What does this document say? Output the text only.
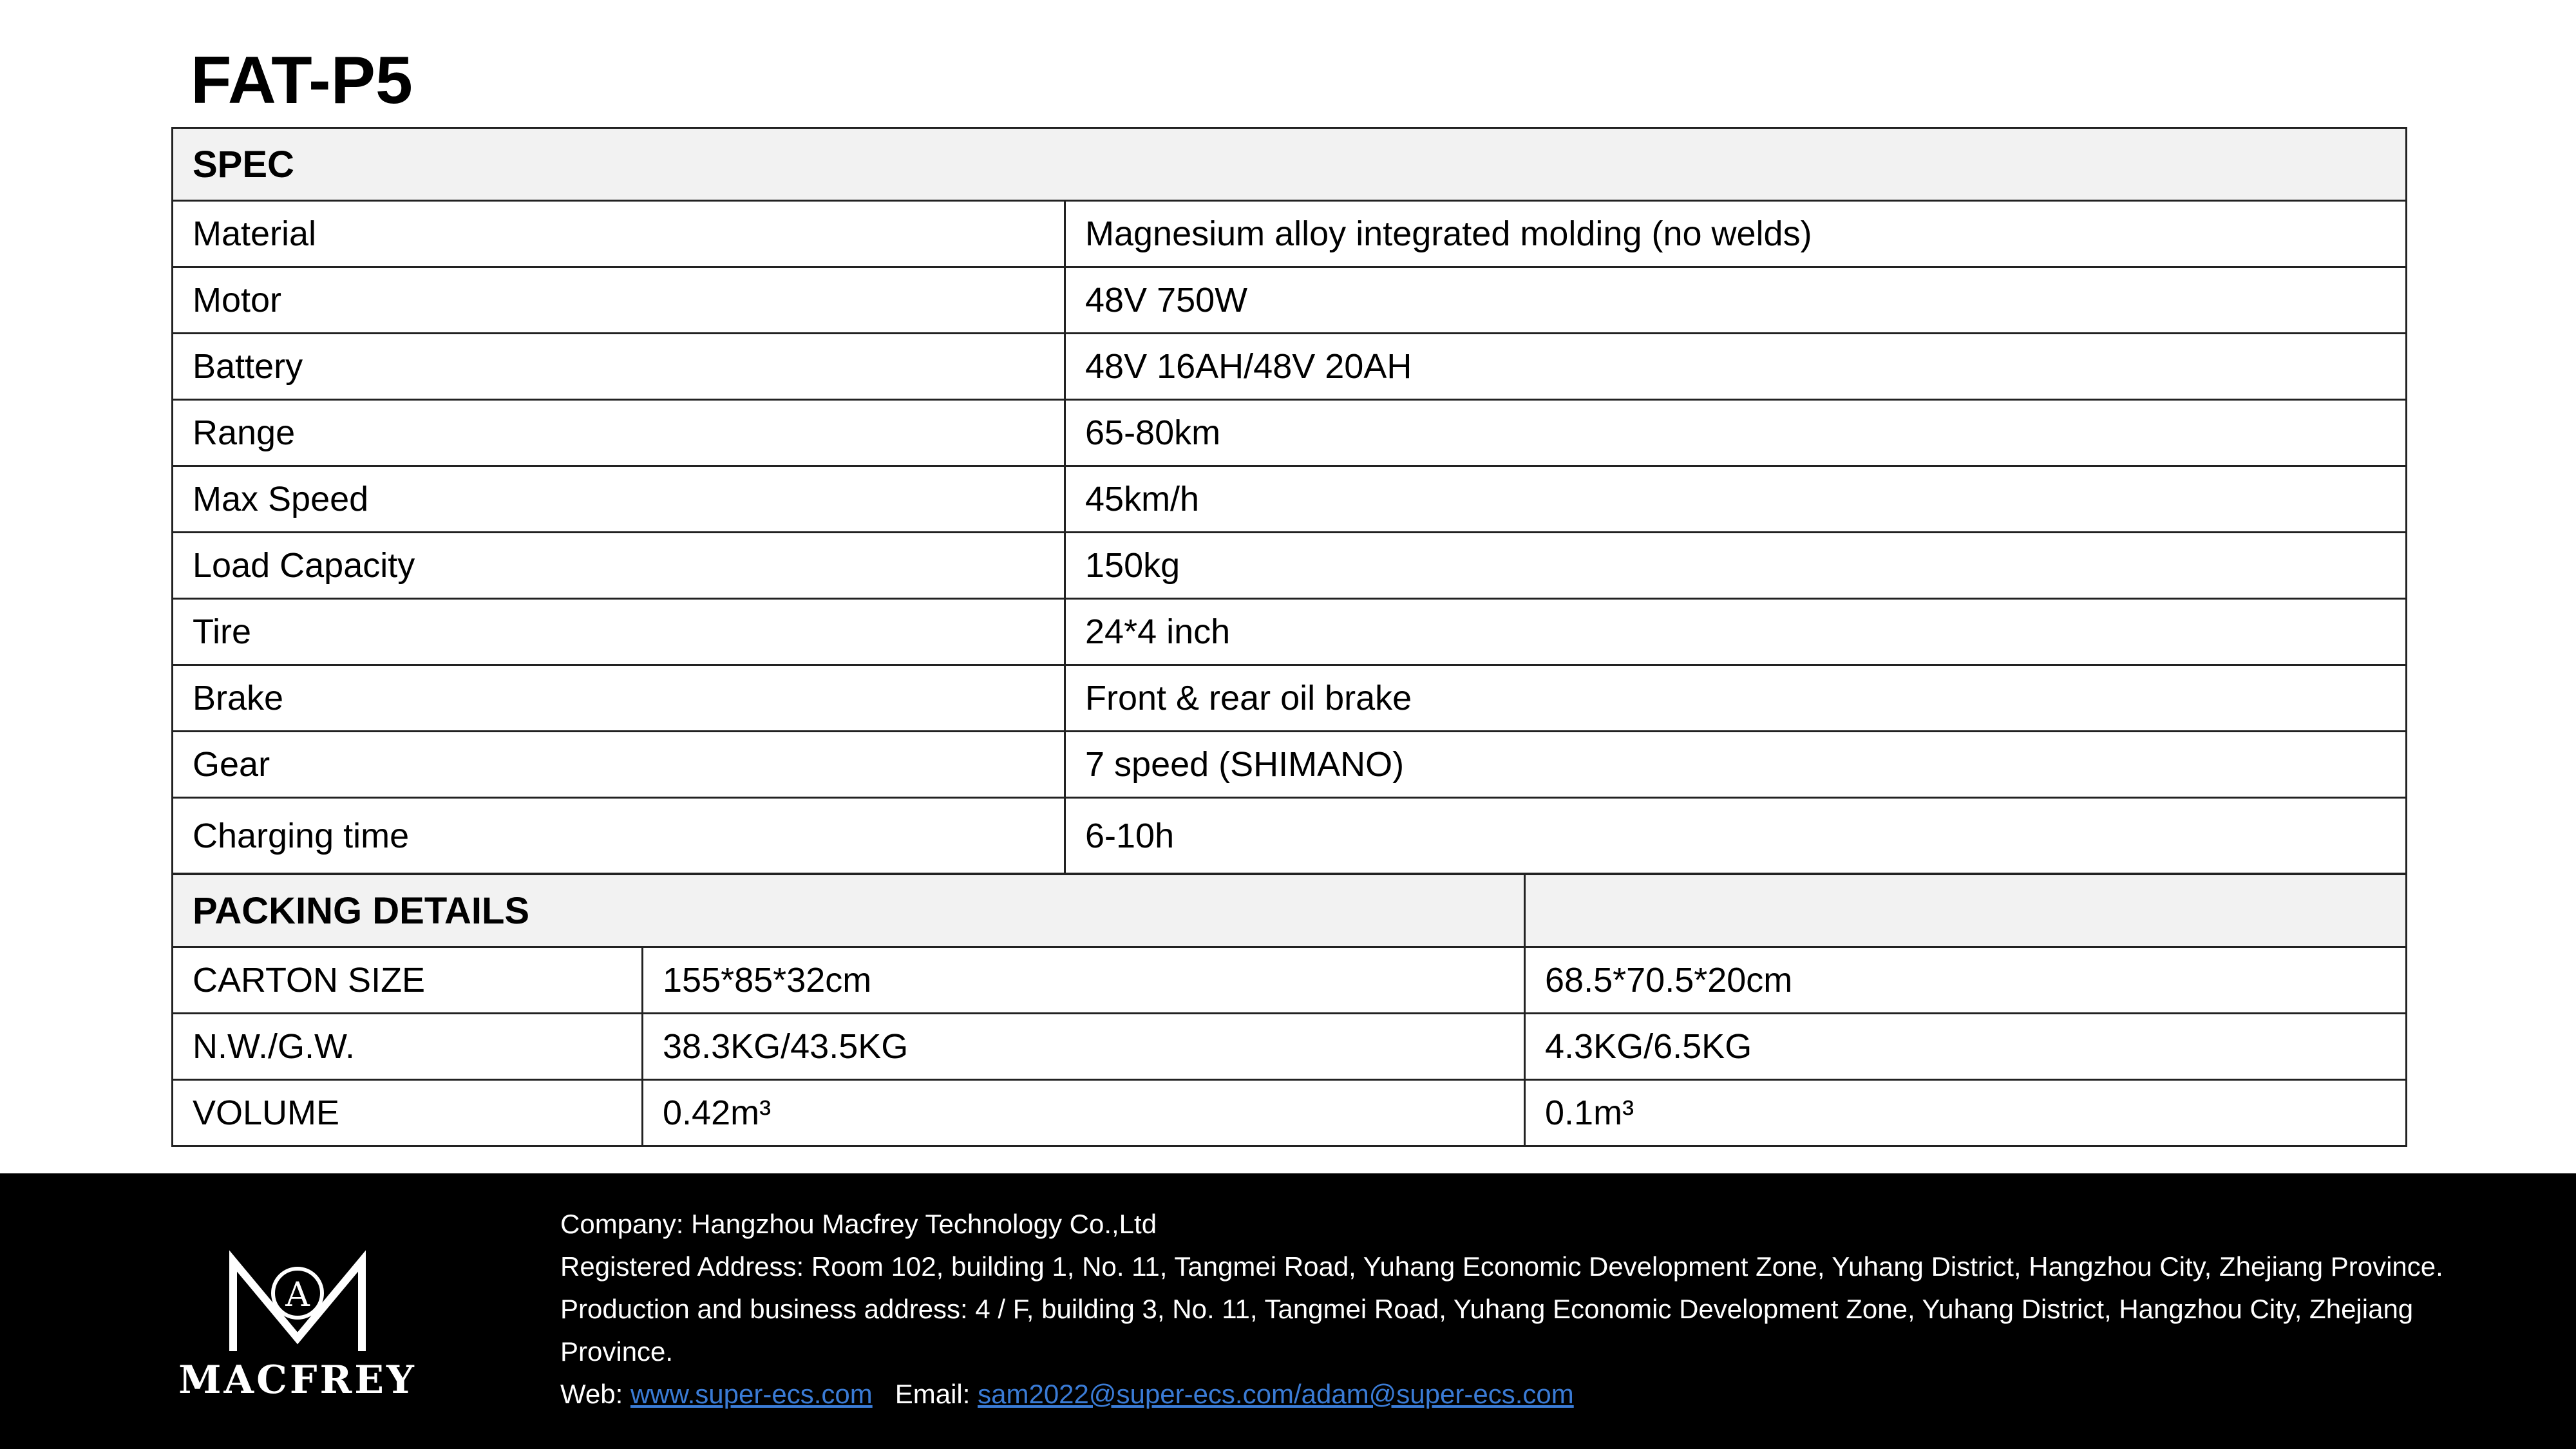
FAT-P5
SPEC	
Material	Magnesium alloy integrated molding (no welds)
Motor	48V 750W
Battery	48V 16AH/48V 20AH
Range	65-80km
Max Speed	45km/h
Load Capacity	150kg
Tire	24*4 inch
Brake	Front & rear oil brake
Gear	7 speed (SHIMANO)
Charging time	6-10h
PACKING DETAILS		
CARTON SIZE	155*85*32cm	68.5*70.5*20cm
N.W./G.W.	38.3KG/43.5KG	4.3KG/6.5KG
VOLUME	0.42m³	0.1m³
A
MACFREY
Company: Hangzhou Macfrey Technology Co.,Ltd
Registered Address: Room 102, building 1, No. 11, Tangmei Road, Yuhang Economic Development Zone, Yuhang District, Hangzhou City, Zhejiang Province.
Production and business address: 4 / F, building 3, No. 11, Tangmei Road, Yuhang Economic Development Zone, Yuhang District, Hangzhou City, Zhejiang
Province.
Web: www.super-ecs.com Email: sam2022@super-ecs.com/adam@super-ecs.com
